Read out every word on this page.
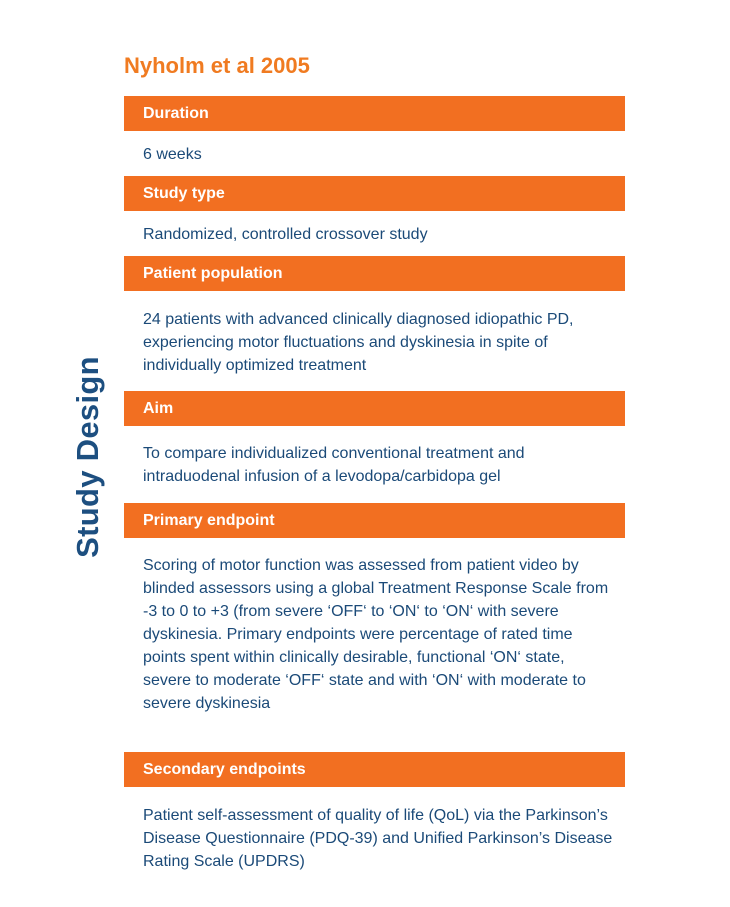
Study Design
Nyholm et al 2005
Duration

6 weeks

Study type

Randomized, controlled crossover study

Patient population

24 patients with advanced clinically diagnosed idiopathic PD, experiencing motor fluctuations and dyskinesia in spite of individually optimized treatment

Aim

To compare individualized conventional treatment and intraduodenal infusion of a levodopa/carbidopa gel

Primary endpoint

Scoring of motor function was assessed from patient video by blinded assessors using a global Treatment Response Scale from -3 to 0 to +3 (from severe ‘OFF‘ to ‘ON‘ to ‘ON‘ with severe dyskinesia. Primary endpoints were percentage of rated time points spent within clinically desirable, functional ‘ON‘ state, severe to moderate ‘OFF‘ state and with ‘ON‘ with moderate to severe dyskinesia

Secondary endpoints

Patient self-assessment of quality of life (QoL) via the Parkinson’s Disease Questionnaire (PDQ-39) and Unified Parkinson’s Disease Rating Scale (UPDRS)
